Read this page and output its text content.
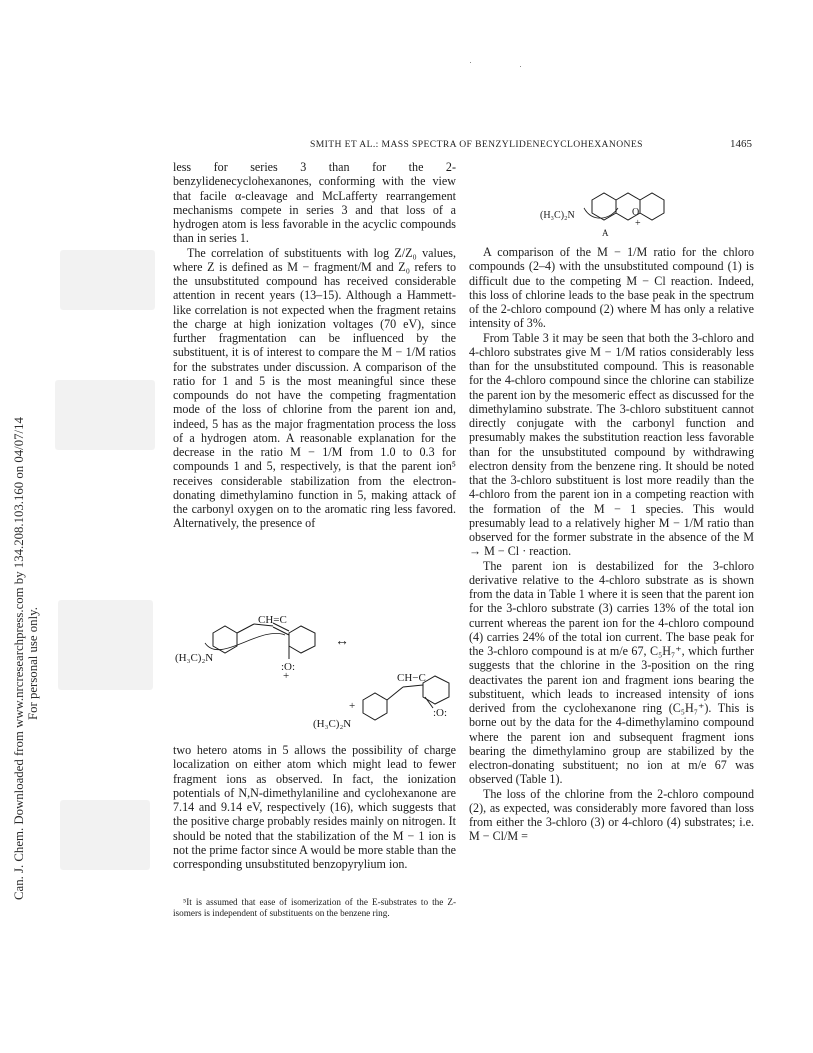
Can. J. Chem. Downloaded from www.nrcresearchpress.com by 134.208.103.160 on 04/07/14 For personal use only.
SMITH ET AL.: MASS SPECTRA OF BENZYLIDENECYCLOHEXANONES	1465

less for series 3 than for the 2-benzylidenecyclohexanones, conforming with the view that facile α-cleavage and McLafferty rearrangement mechanisms compete in series 3 and that loss of a hydrogen atom is less favorable in the acyclic compounds than in series 1.

The correlation of substituents with log Z/Z₀ values, where Z is defined as M − fragment/M and Z₀ refers to the unsubstituted compound has received considerable attention in recent years (13–15). Although a Hammett-like correlation is not expected when the fragment retains the charge at high ionization voltages (70 eV), since further fragmentation can be influenced by the substituent, it is of interest to compare the M − 1/M ratios for the substrates under discussion. A comparison of the ratio for 1 and 5 is the most meaningful since these compounds do not have the competing fragmentation mode of the loss of chlorine from the parent ion and, indeed, 5 has as the major fragmentation process the loss of a hydrogen atom. A reasonable explanation for the decrease in the ratio M − 1/M from 1.0 to 0.3 for compounds 1 and 5, respectively, is that the parent ion⁵ receives considerable stabilization from the electron-donating dimethylamino function in 5, making attack of the carbonyl oxygen on to the aromatic ring less favored. Alternatively, the presence of

(H₃C)₂N
CH=C
:O:
+
↔
(H₃C)₂N
+
CH−C
:O:

two hetero atoms in 5 allows the possibility of charge localization on either atom which might lead to fewer fragment ions as observed. In fact, the ionization potentials of N,N-dimethylaniline and cyclohexanone are 7.14 and 9.14 eV, respectively (16), which suggests that the positive charge probably resides mainly on nitrogen. It should be noted that the stabilization of the M − 1 ion is not the prime factor since A would be more stable than the corresponding unsubstituted benzopyrylium ion.

⁵It is assumed that ease of isomerization of the E-substrates to the Z-isomers is independent of substituents on the benzene ring.

(H₃C)₂N	O
+
A

A comparison of the M − 1/M ratio for the chloro compounds (2–4) with the unsubstituted compound (1) is difficult due to the competing M − Cl reaction. Indeed, this loss of chlorine leads to the base peak in the spectrum of the 2-chloro compound (2) where M has only a relative intensity of 3%.

From Table 3 it may be seen that both the 3-chloro and 4-chloro substrates give M − 1/M ratios considerably less than for the unsubstituted compound. This is reasonable for the 4-chloro compound since the chlorine can stabilize the parent ion by the mesomeric effect as discussed for the dimethylamino substrate. The 3-chloro substituent cannot directly conjugate with the carbonyl function and presumably makes the substitution reaction less favorable than for the unsubstituted compound by withdrawing electron density from the benzene ring. It should be noted that the 3-chloro substituent is lost more readily than the 4-chloro from the parent ion in a competing reaction with the formation of the M − 1 species. This would presumably lead to a relatively higher M − 1/M ratio than observed for the former substrate in the absence of the M → M − Cl · reaction.

The parent ion is destabilized for the 3-chloro derivative relative to the 4-chloro substrate as is shown from the data in Table 1 where it is seen that the parent ion for the 3-chloro substrate (3) carries 13% of the total ion current whereas the parent ion for the 4-chloro compound (4) carries 24% of the total ion current. The base peak for the 3-chloro compound is at m/e 67, C₅H₇⁺, which further suggests that the chlorine in the 3-position on the ring deactivates the parent ion and fragment ions bearing the substituent, which leads to increased intensity of ions derived from the cyclohexanone ring (C₅H₇⁺). This is borne out by the data for the 4-dimethylamino compound where the parent ion and subsequent fragment ions bearing the dimethylamino group are stabilized by the electron-donating substituent; no ion at m/e 67 was observed (Table 1).

The loss of the chlorine from the 2-chloro compound (2), as expected, was considerably more favored than loss from either the 3-chloro (3) or 4-chloro (4) substrates; i.e. M − Cl/M =
